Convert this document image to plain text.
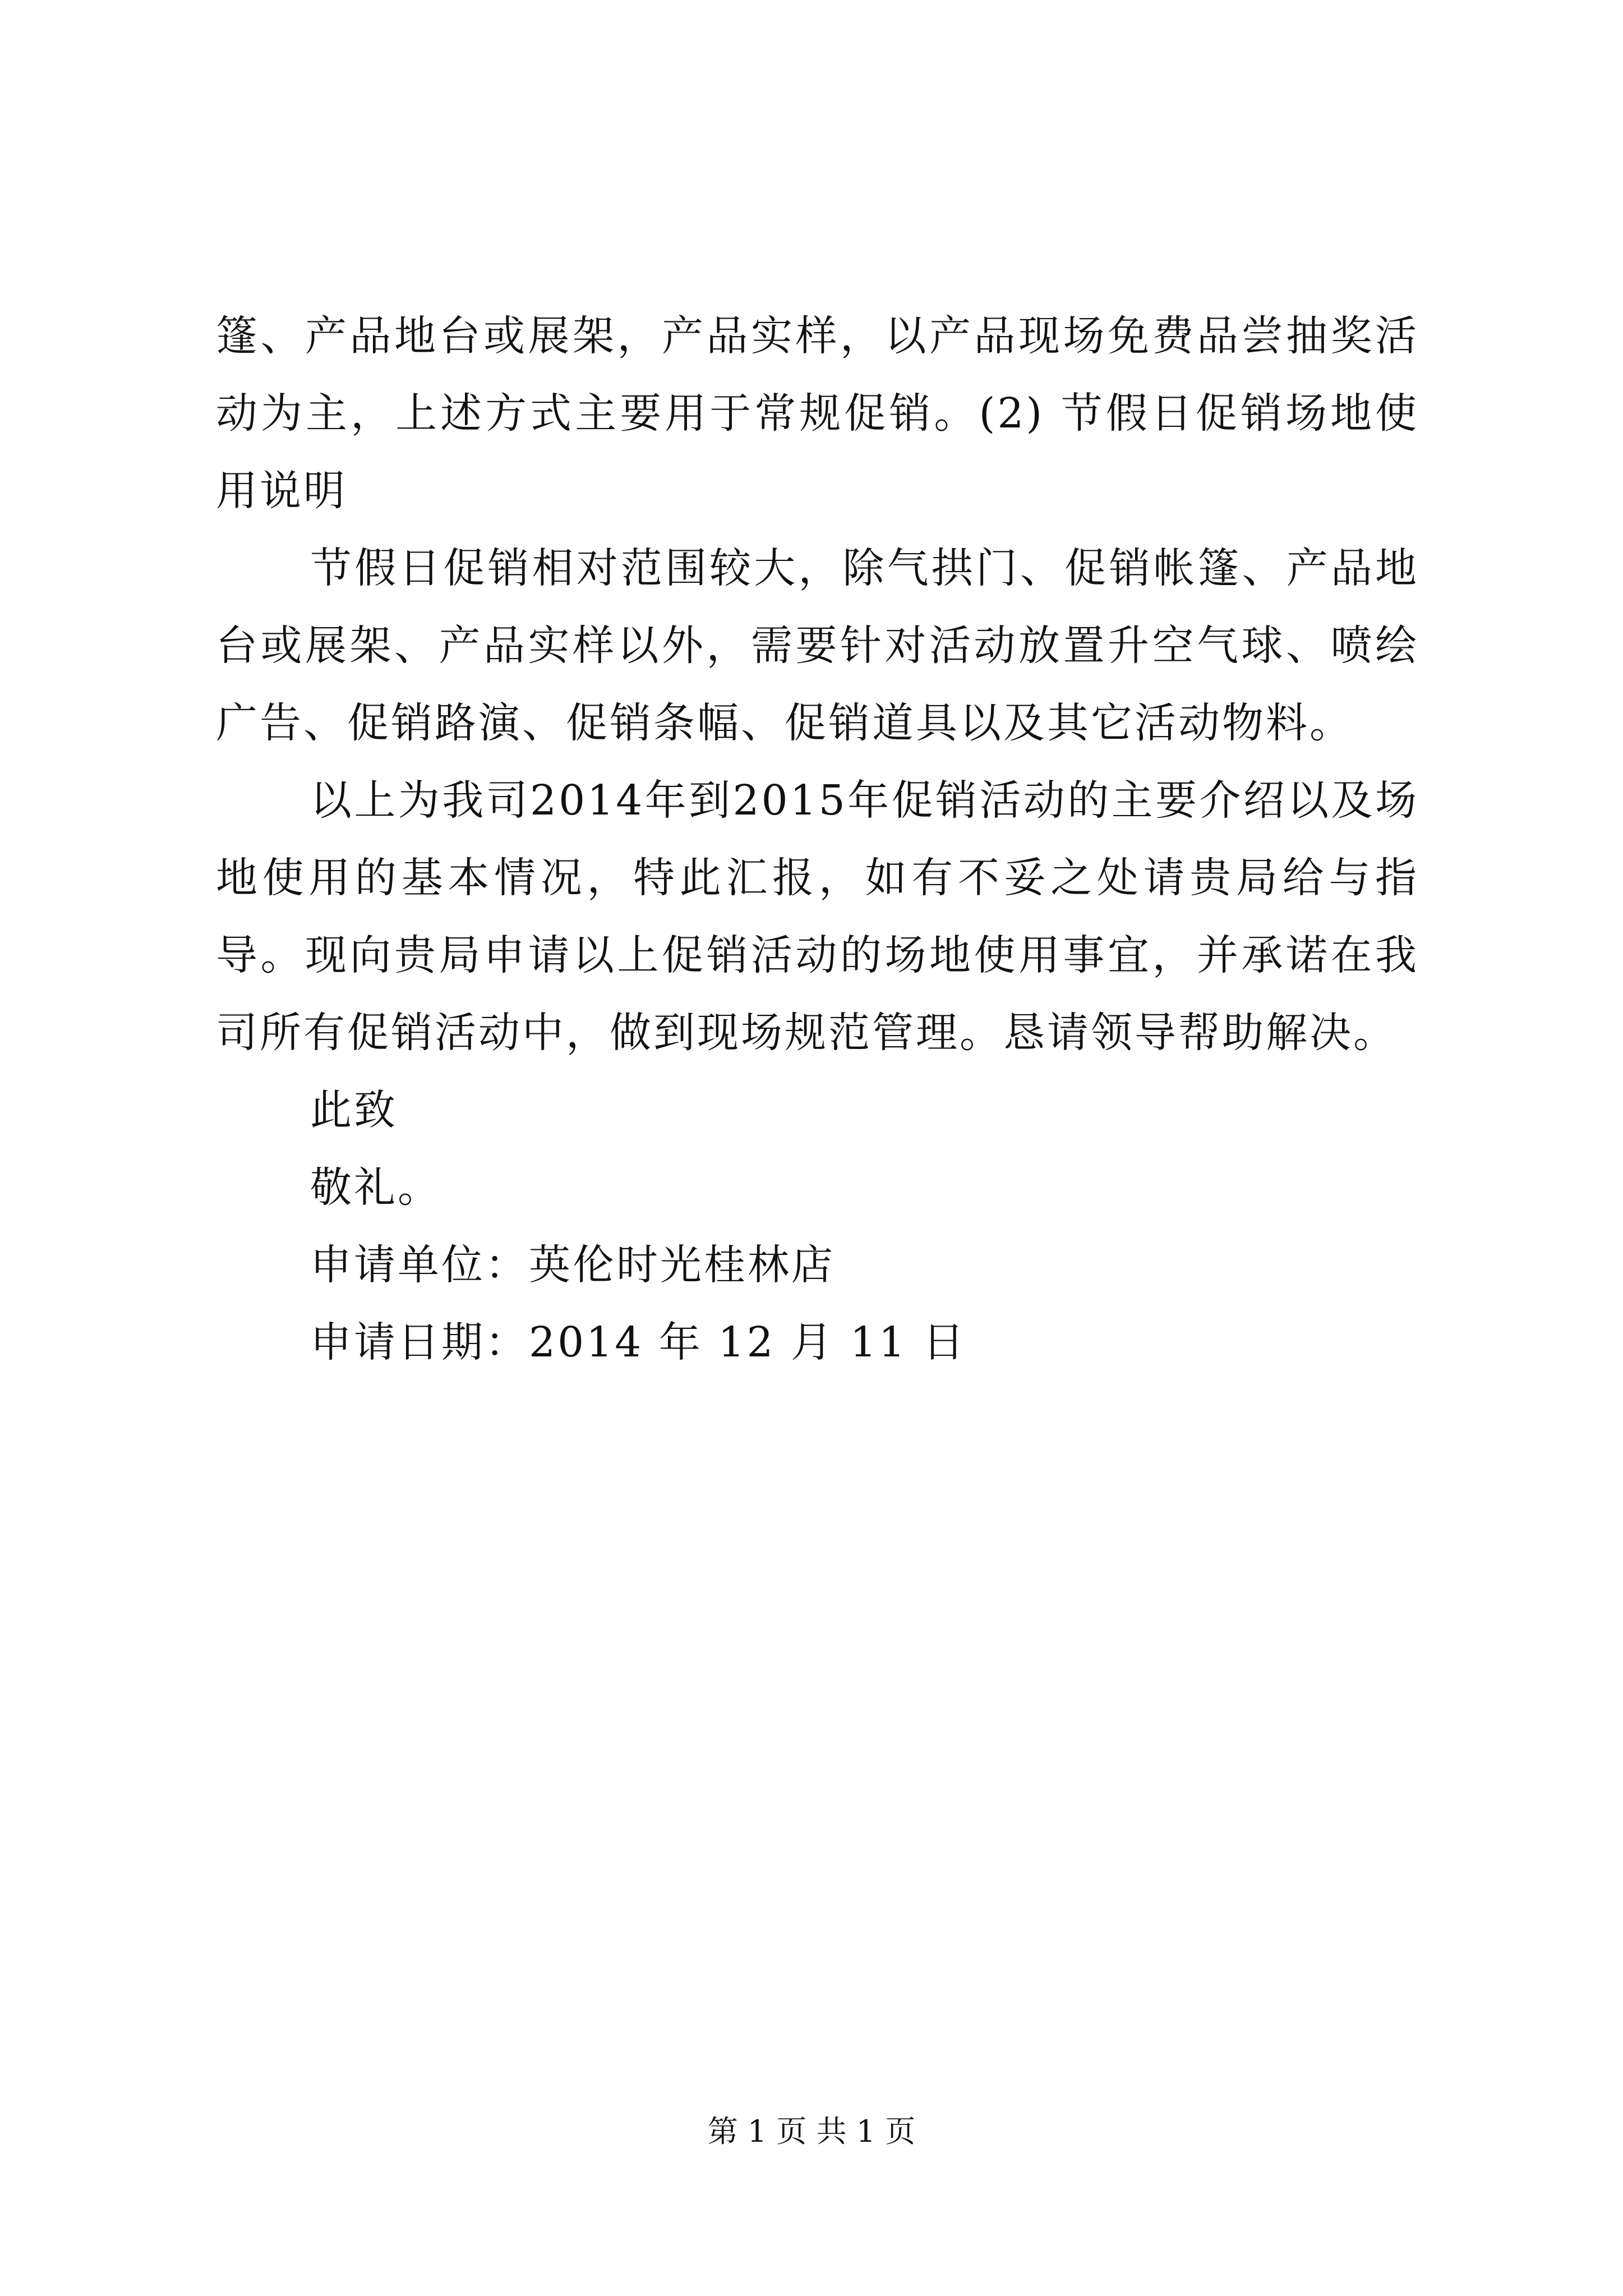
篷、产品地台或展架，产品实样，以产品现场免费品尝抽奖活动为主，上述方式主要用于常规促销。(2) 节假日促销场地使用说明

节假日促销相对范围较大，除气拱门、促销帐篷、产品地台或展架、产品实样以外，需要针对活动放置升空气球、喷绘广告、促销路演、促销条幅、促销道具以及其它活动物料。

以上为我司2014年到2015年促销活动的主要介绍以及场地使用的基本情况，特此汇报，如有不妥之处请贵局给与指导。现向贵局申请以上促销活动的场地使用事宜，并承诺在我司所有促销活动中，做到现场规范管理。恳请领导帮助解决。

此致

敬礼。

申请单位：英伦时光桂林店

申请日期：2014 年 12 月 11 日

第 1 页 共 1 页
